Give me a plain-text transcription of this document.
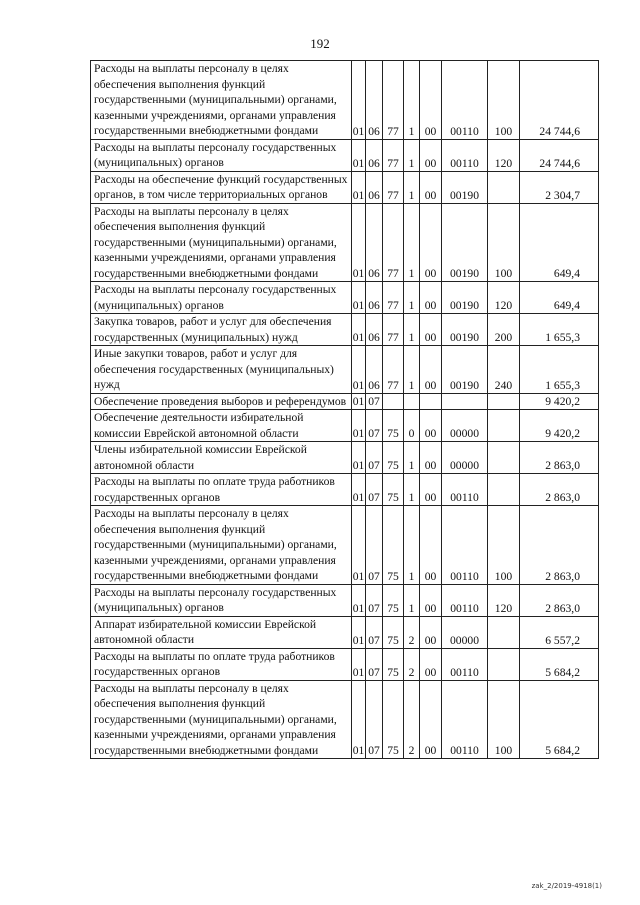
192
Расходы на выплаты персоналу в целях обеспечения выполнения функций государственными (муниципальными) органами, казенными учреждениями, органами управления государственными внебюджетными фондами	01	06	77	1	00	00110	100	24 744,6
Расходы на выплаты персоналу государственных (муниципальных) органов	01	06	77	1	00	00110	120	24 744,6
Расходы на обеспечение функций государственных органов, в том числе территориальных органов	01	06	77	1	00	00190		2 304,7
Расходы на выплаты персоналу в целях обеспечения выполнения функций государственными (муниципальными) органами, казенными учреждениями, органами управления государственными внебюджетными фондами	01	06	77	1	00	00190	100	649,4
Расходы на выплаты персоналу государственных (муниципальных) органов	01	06	77	1	00	00190	120	649,4
Закупка товаров, работ и услуг для обеспечения государственных (муниципальных) нужд	01	06	77	1	00	00190	200	1 655,3
Иные закупки товаров, работ и услуг для обеспечения государственных (муниципальных) нужд	01	06	77	1	00	00190	240	1 655,3
Обеспечение проведения выборов и референдумов	01	07						9 420,2
Обеспечение деятельности избирательной комиссии Еврейской автономной области	01	07	75	0	00	00000		9 420,2
Члены избирательной комиссии Еврейской автономной области	01	07	75	1	00	00000		2 863,0
Расходы на выплаты по оплате труда работников государственных органов	01	07	75	1	00	00110		2 863,0
Расходы на выплаты персоналу в целях обеспечения выполнения функций государственными (муниципальными) органами, казенными учреждениями, органами управления государственными внебюджетными фондами	01	07	75	1	00	00110	100	2 863,0
Расходы на выплаты персоналу государственных (муниципальных) органов	01	07	75	1	00	00110	120	2 863,0
Аппарат избирательной комиссии Еврейской автономной области	01	07	75	2	00	00000		6 557,2
Расходы на выплаты по оплате труда работников государственных органов	01	07	75	2	00	00110		5 684,2
Расходы на выплаты персоналу в целях обеспечения выполнения функций государственными (муниципальными) органами, казенными учреждениями, органами управления государственными внебюджетными фондами	01	07	75	2	00	00110	100	5 684,2
zak_2/2019-4918(1)
